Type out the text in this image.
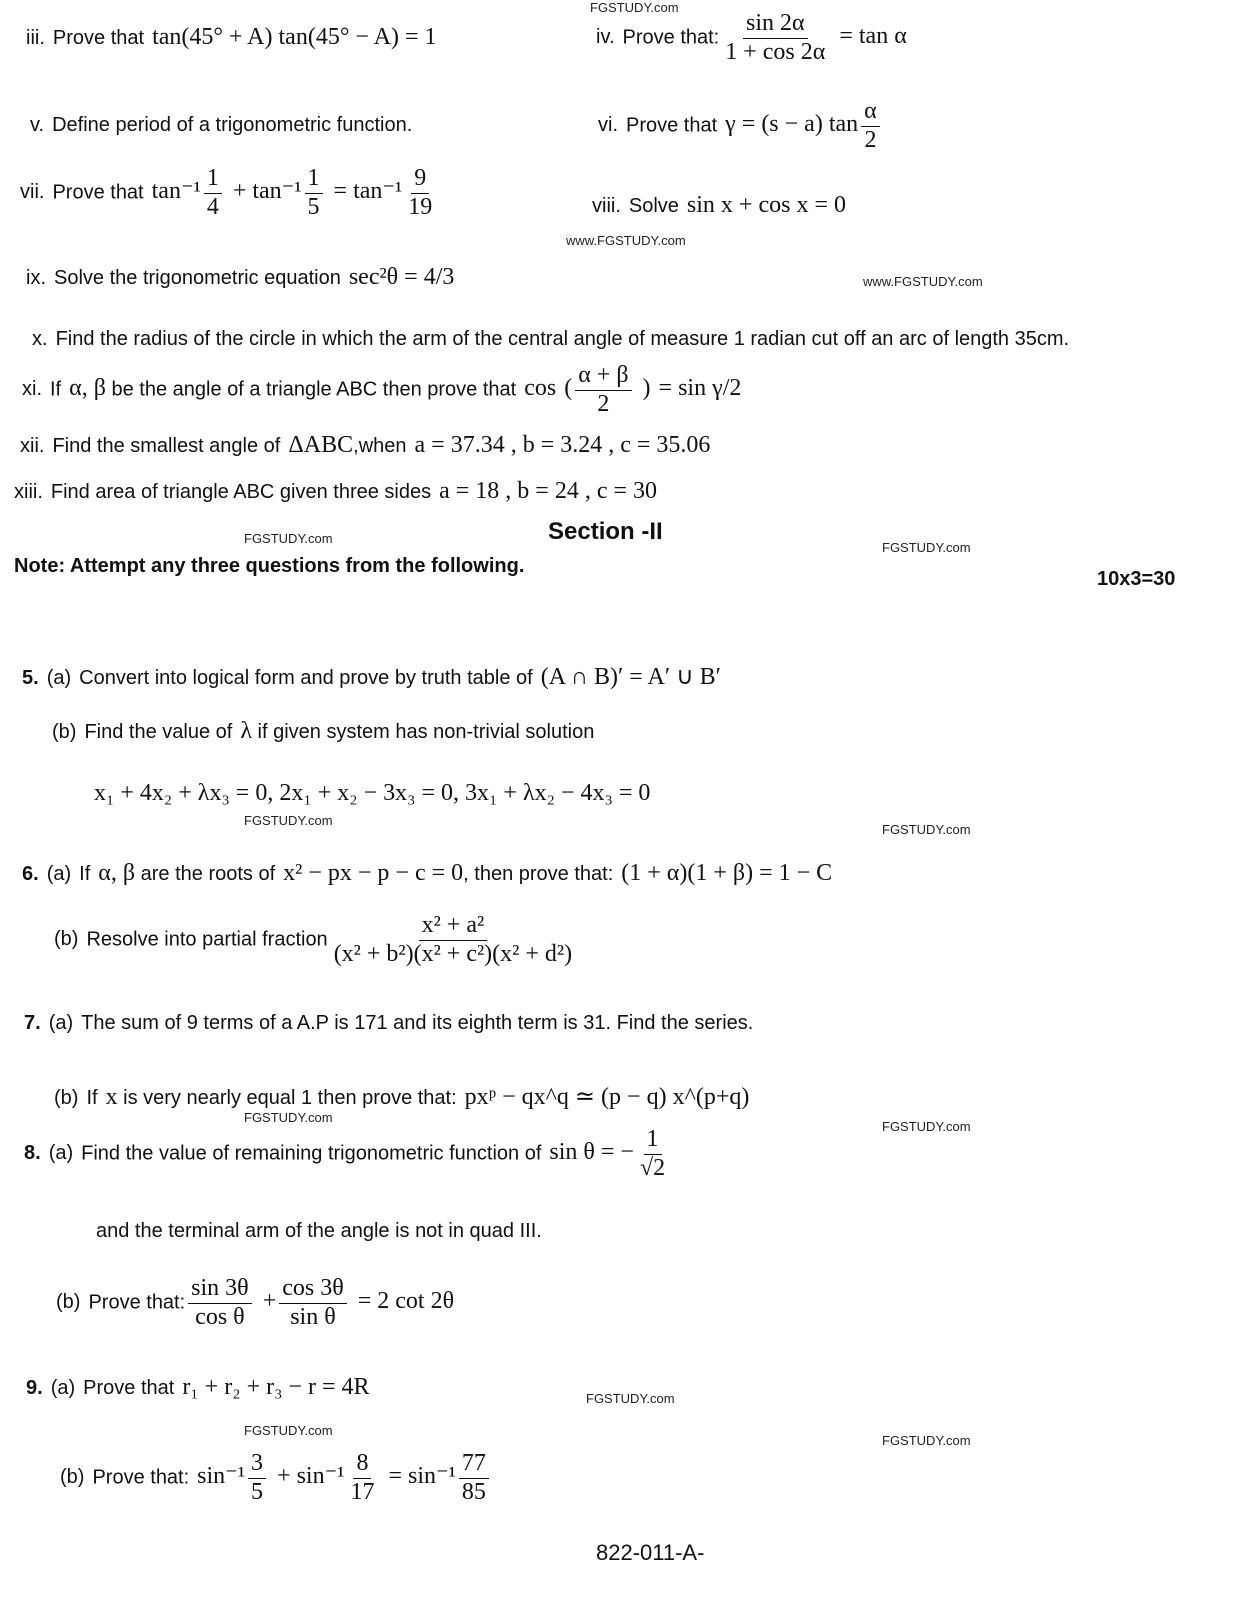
FGSTUDY.com
iii. Prove that tan(45° + A) tan(45° − A) = 1	iv. Prove that: $\frac{\sin 2\alpha}{1 + \cos 2\alpha} = \tan \alpha$
v. Define period of a trigonometric function.	vi. Prove that γ = (s − a) $\tan \frac{\alpha}{2}$
vii. Prove that $\tan^{-1} \frac{1}{4} + \tan^{-1} \frac{1}{5} = \tan^{-1} \frac{9}{19}$	viii. Solve sin x + cos x = 0
www.FGSTUDY.com
ix. Solve the trigonometric equation sec²θ = 4/3	www.FGSTUDY.com
x. Find the radius of the circle in which the arm of the central angle of measure 1 radian cut off an arc of length 35cm.
xi. If α, β be the angle of a triangle ABC then prove that cos ( $\frac{\alpha + \beta}{2}$ ) = sin γ/2
xii. Find the smallest angle of ΔABC,when a = 37.34 , b = 3.24 , c = 35.06
xiii. Find area of triangle ABC given three sides a = 18 , b = 24 , c = 30
FGSTUDY.com	Section -II
FGSTUDY.com
Note: Attempt any three questions from the following.
10x3=30
5. (a) Convert into logical form and prove by truth table of (A ∩ B)′ = A′ ∪ B′
(b) Find the value of λ if given system has non-trivial solution
x₁ + 4x₂ + λx₃ = 0, 2x₁ + x₂ − 3x₃ = 0, 3x₁ + λx₂ − 4x₃ = 0
FGSTUDY.com
FGSTUDY.com
6. (a) If α, β are the roots of x² − px − p − c = 0, then prove that: (1 + α)(1 + β) = 1 − C
(b) Resolve into partial fraction $\frac{\text{x² + a²}}{\text{(x² + b²)(x² + c²)(x² + d²)}}$
7. (a) The sum of 9 terms of a A.P is 171 and its eighth term is 31. Find the series.
(b) If x is very nearly equal 1 then prove that: pxᵖ − qx^q ≃ (p − q) x^(p+q)
FGSTUDY.com
FGSTUDY.com
8. (a) Find the value of remaining trigonometric function of sin θ = − $\frac{1}{√2}$
and the terminal arm of the angle is not in quad III.
(b) Prove that: $\frac{\sin 3\theta}{\text{cos θ}} + \frac{\cos 3\theta}{\text{sin θ}} = 2$ cot 2θ
9. (a) Prove that r₁ + r₂ + r₃ − r = 4R	FGSTUDY.com
FGSTUDY.com
FGSTUDY.com
(b) Prove that: $\sin^{-1} \frac{3}{5} + \sin^{-1} \frac{8}{17} = \sin^{-1} \frac{77}{85}$
822-011-A-
